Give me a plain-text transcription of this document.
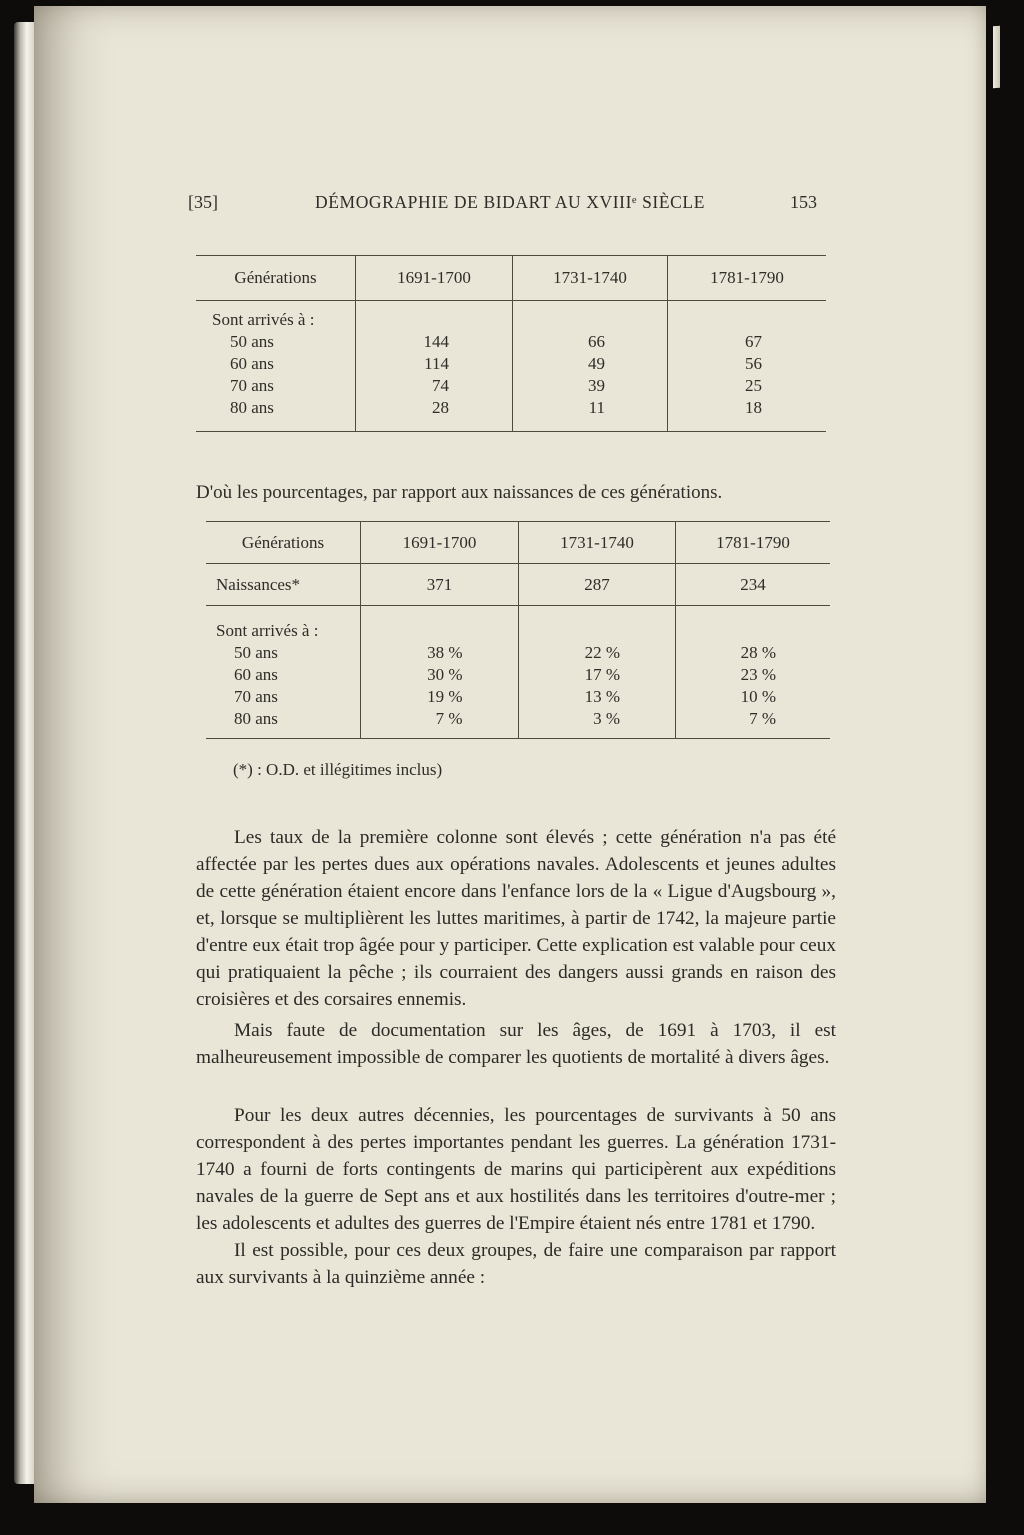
[35]	DÉMOGRAPHIE DE BIDART AU XVIIIᵉ SIÈCLE	153
Générations	1691-1700	1731-1740	1781-1790
Sont arrivés à :
50 ans	144	66	67
60 ans	114	49	56
70 ans	74	39	25
80 ans	28	11	18
D'où les pourcentages, par rapport aux naissances de ces générations.
Générations	1691-1700	1731-1740	1781-1790
Naissances*	371	287	234
Sont arrivés à :
50 ans	38 %	22 %	28 %
60 ans	30 %	17 %	23 %
70 ans	19 %	13 %	10 %
80 ans	7 %	3 %	7 %
(*) : O.D. et illégitimes inclus)

Les taux de la première colonne sont élevés ; cette génération n'a pas été affectée par les pertes dues aux opérations navales. Adolescents et jeunes adultes de cette génération étaient encore dans l'enfance lors de la « Ligue d'Augsbourg », et, lorsque se multiplièrent les luttes maritimes, à partir de 1742, la majeure partie d'entre eux était trop âgée pour y participer. Cette explication est valable pour ceux qui pratiquaient la pêche ; ils courraient des dangers aussi grands en raison des croisières et des corsaires ennemis.

Mais faute de documentation sur les âges, de 1691 à 1703, il est malheureusement impossible de comparer les quotients de mortalité à divers âges.

Pour les deux autres décennies, les pourcentages de survivants à 50 ans correspondent à des pertes importantes pendant les guerres. La génération 1731-1740 a fourni de forts contingents de marins qui participèrent aux expéditions navales de la guerre de Sept ans et aux hostilités dans les territoires d'outre-mer ; les adolescents et adultes des guerres de l'Empire étaient nés entre 1781 et 1790.

Il est possible, pour ces deux groupes, de faire une comparaison par rapport aux survivants à la quinzième année :
